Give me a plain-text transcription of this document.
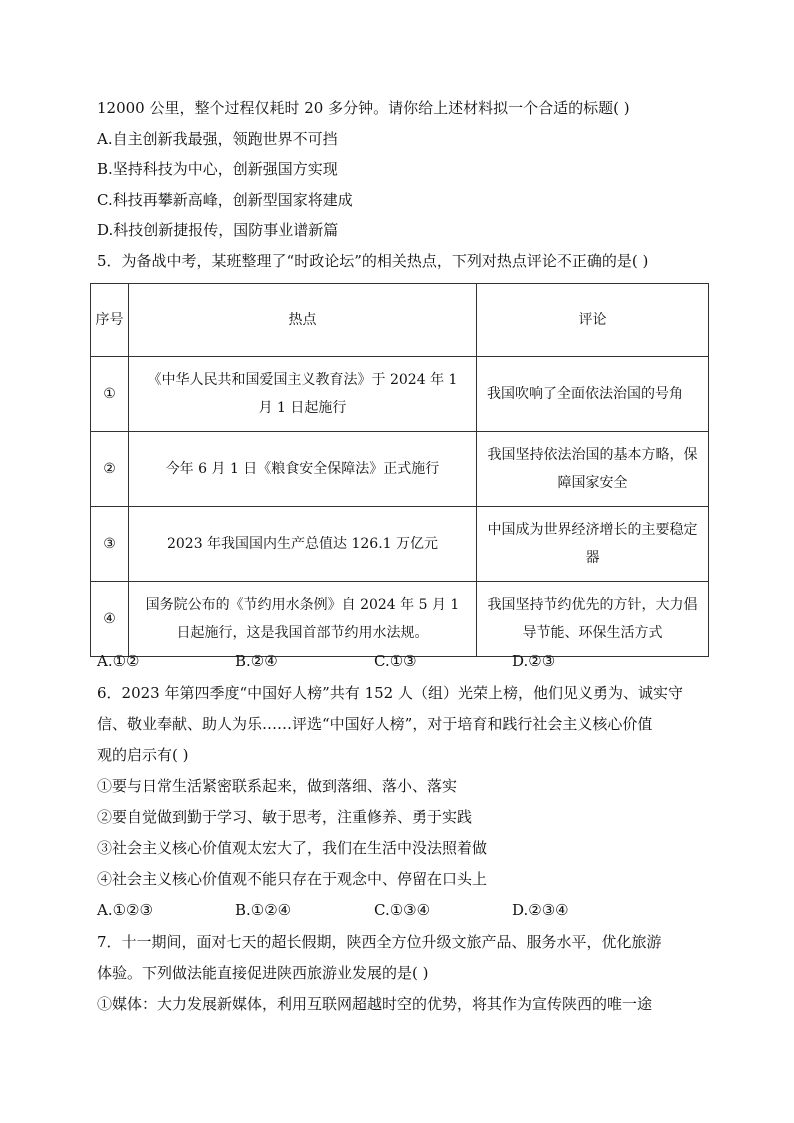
12000 公里，整个过程仅耗时 20 多分钟。请你给上述材料拟一个合适的标题( )
A.自主创新我最强，领跑世界不可挡
B.坚持科技为中心，创新强国方实现
C.科技再攀新高峰，创新型国家将建成
D.科技创新捷报传，国防事业谱新篇
5．为备战中考，某班整理了“时政论坛”的相关热点，下列对热点评论不正确的是( )
序号	热点	评论
①	《中华人民共和国爱国主义教育法》于 2024 年 1 月 1 日起施行	我国吹响了全面依法治国的号角
②	今年 6 月 1 日《粮食安全保障法》正式施行	我国坚持依法治国的基本方略，保障国家安全
③	2023 年我国国内生产总值达 126.1 万亿元	中国成为世界经济增长的主要稳定器
④	国务院公布的《节约用水条例》自 2024 年 5 月 1 日起施行，这是我国首部节约用水法规。	我国坚持节约优先的方针，大力倡导节能、环保生活方式
A.①②	B.②④	C.①③	D.②③
6．2023 年第四季度“中国好人榜”共有 152 人（组）光荣上榜，他们见义勇为、诚实守
信、敬业奉献、助人为乐……评选“中国好人榜”，对于培育和践行社会主义核心价值
观的启示有( )
①要与日常生活紧密联系起来，做到落细、落小、落实
②要自觉做到勤于学习、敏于思考，注重修养、勇于实践
③社会主义核心价值观太宏大了，我们在生活中没法照着做
④社会主义核心价值观不能只存在于观念中、停留在口头上
A.①②③	B.①②④	C.①③④	D.②③④
7．十一期间，面对七天的超长假期，陕西全方位升级文旅产品、服务水平，优化旅游
体验。下列做法能直接促进陕西旅游业发展的是( )
①媒体：大力发展新媒体，利用互联网超越时空的优势，将其作为宣传陕西的唯一途
